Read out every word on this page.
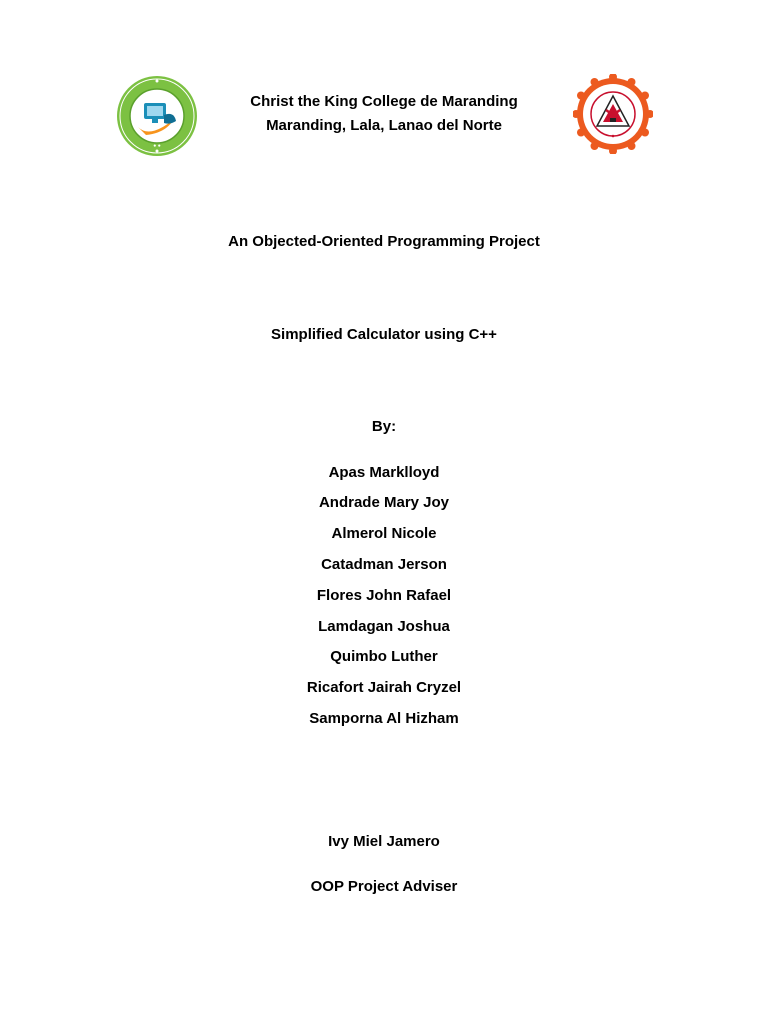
● ●
Christ the King College de Maranding
Maranding, Lala, Lanao del Norte
An Objected-Oriented Programming Project
Simplified Calculator using C++
By:
Apas Marklloyd
Andrade Mary Joy
Almerol Nicole
Catadman Jerson
Flores John Rafael
Lamdagan Joshua
Quimbo Luther
Ricafort Jairah Cryzel
Samporna Al Hizham
Ivy Miel Jamero
OOP Project Adviser
